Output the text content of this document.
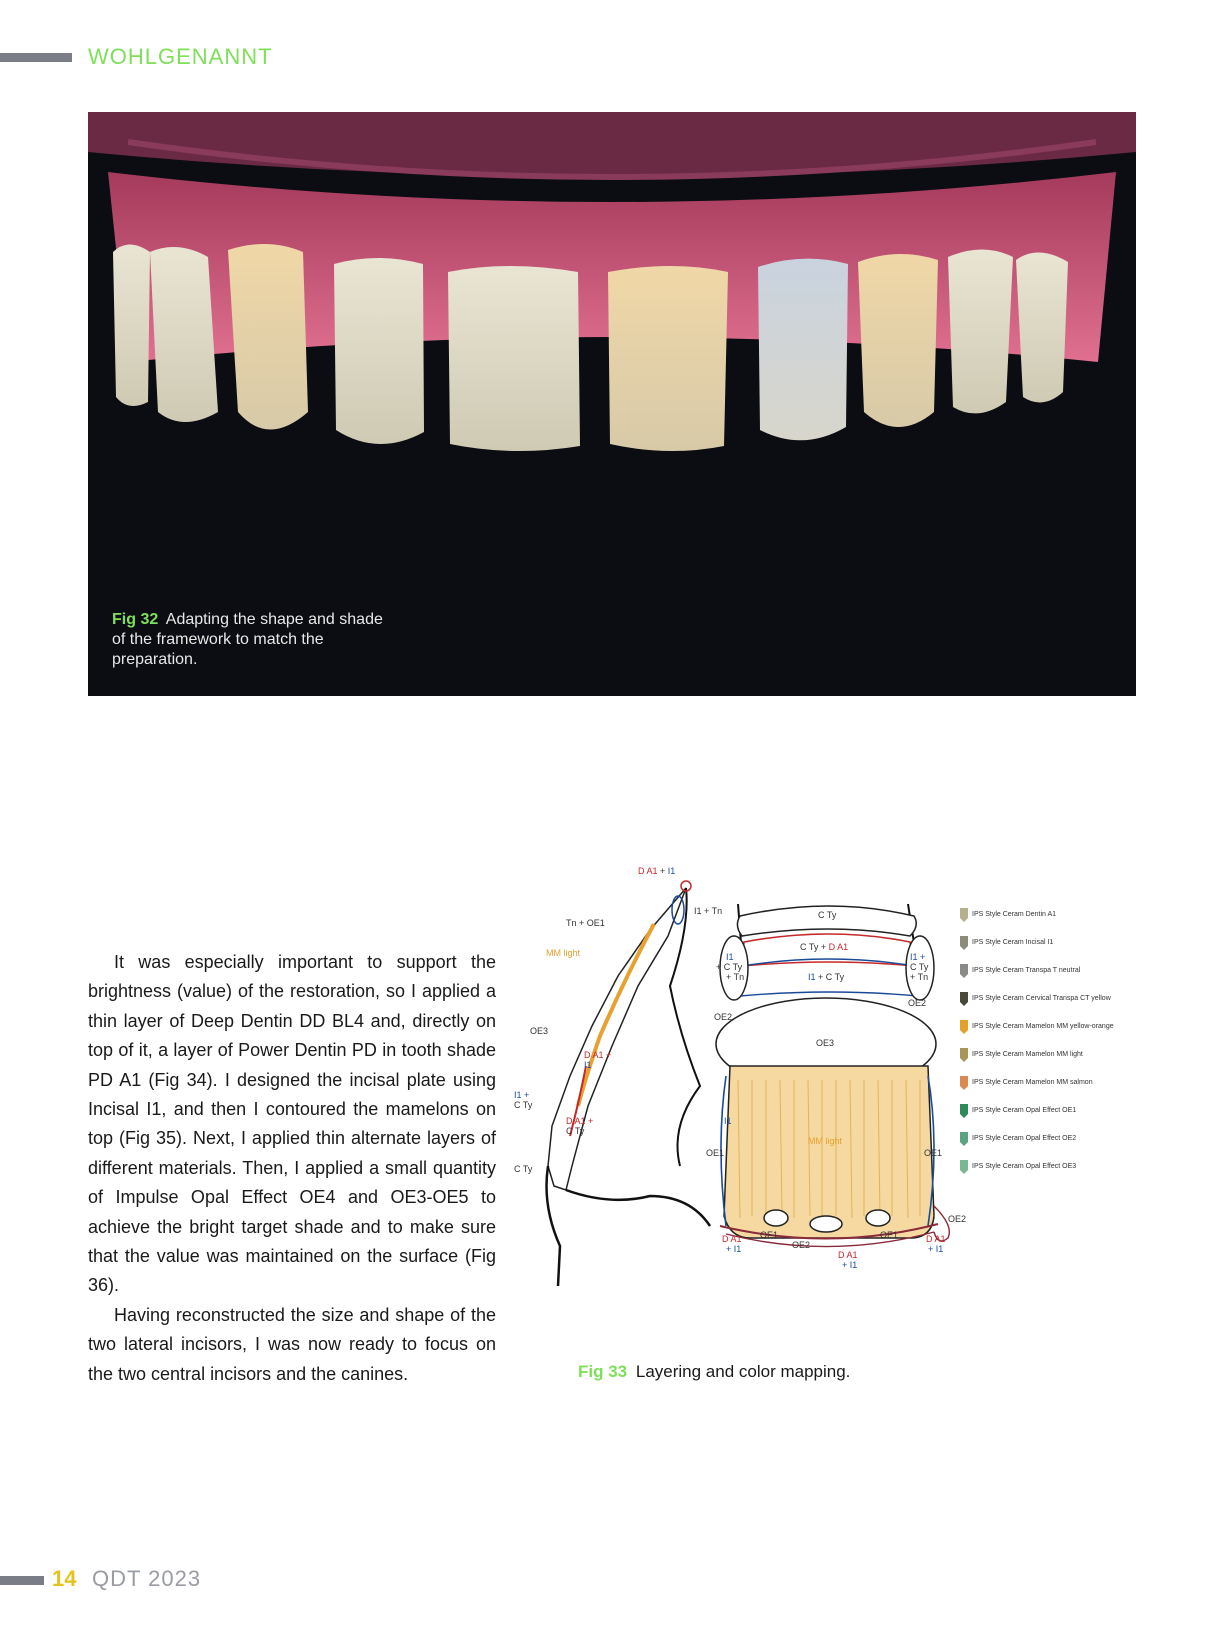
WOHLGENANNT
Fig 32 Adapting the shape and shade of the framework to match the preparation.

It was especially important to support the brightness (value) of the restoration, so I applied a thin layer of Deep Dentin DD BL4 and, directly on top of it, a layer of Power Dentin PD in tooth shade PD A1 (Fig 34). I designed the incisal plate using Incisal I1, and then I contoured the mamelons on top (Fig 35). Next, I applied thin alternate layers of different materials. Then, I applied a small quantity of Impulse Opal Effect OE4 and OE3-OE5 to achieve the bright target shade and to make sure that the value was maintained on the surface (Fig 36).

Having reconstructed the size and shape of the two lateral incisors, I was now ready to focus on the two central incisors and the canines.

D A1 + I1
I1 + Tn
Tn + OE1
MM light
OE3
D A1 +
I1
I1 +
C Ty
D A1 +
C Ty
C Ty
C Ty
C Ty + D A1
I1 + C Ty
I1
+ C Ty
+ Tn
I1 +
C Ty
+ Tn
OE2
OE2
OE3
I1
MM light
OE1	OE1
D A1
+ I1
OE1
OE2
D A1
+ I1
OE1	D A1
+ I1
OE2
IPS Style Ceram Dentin A1
IPS Style Ceram Incisal I1
IPS Style Ceram Transpa T neutral
IPS Style Ceram Cervical Transpa CT yellow
IPS Style Ceram Mamelon MM yellow-orange
IPS Style Ceram Mamelon MM light
IPS Style Ceram Mamelon MM salmon
IPS Style Ceram Opal Effect OE1
IPS Style Ceram Opal Effect OE2
IPS Style Ceram Opal Effect OE3
Fig 33 Layering and color mapping.
14 QDT 2023
